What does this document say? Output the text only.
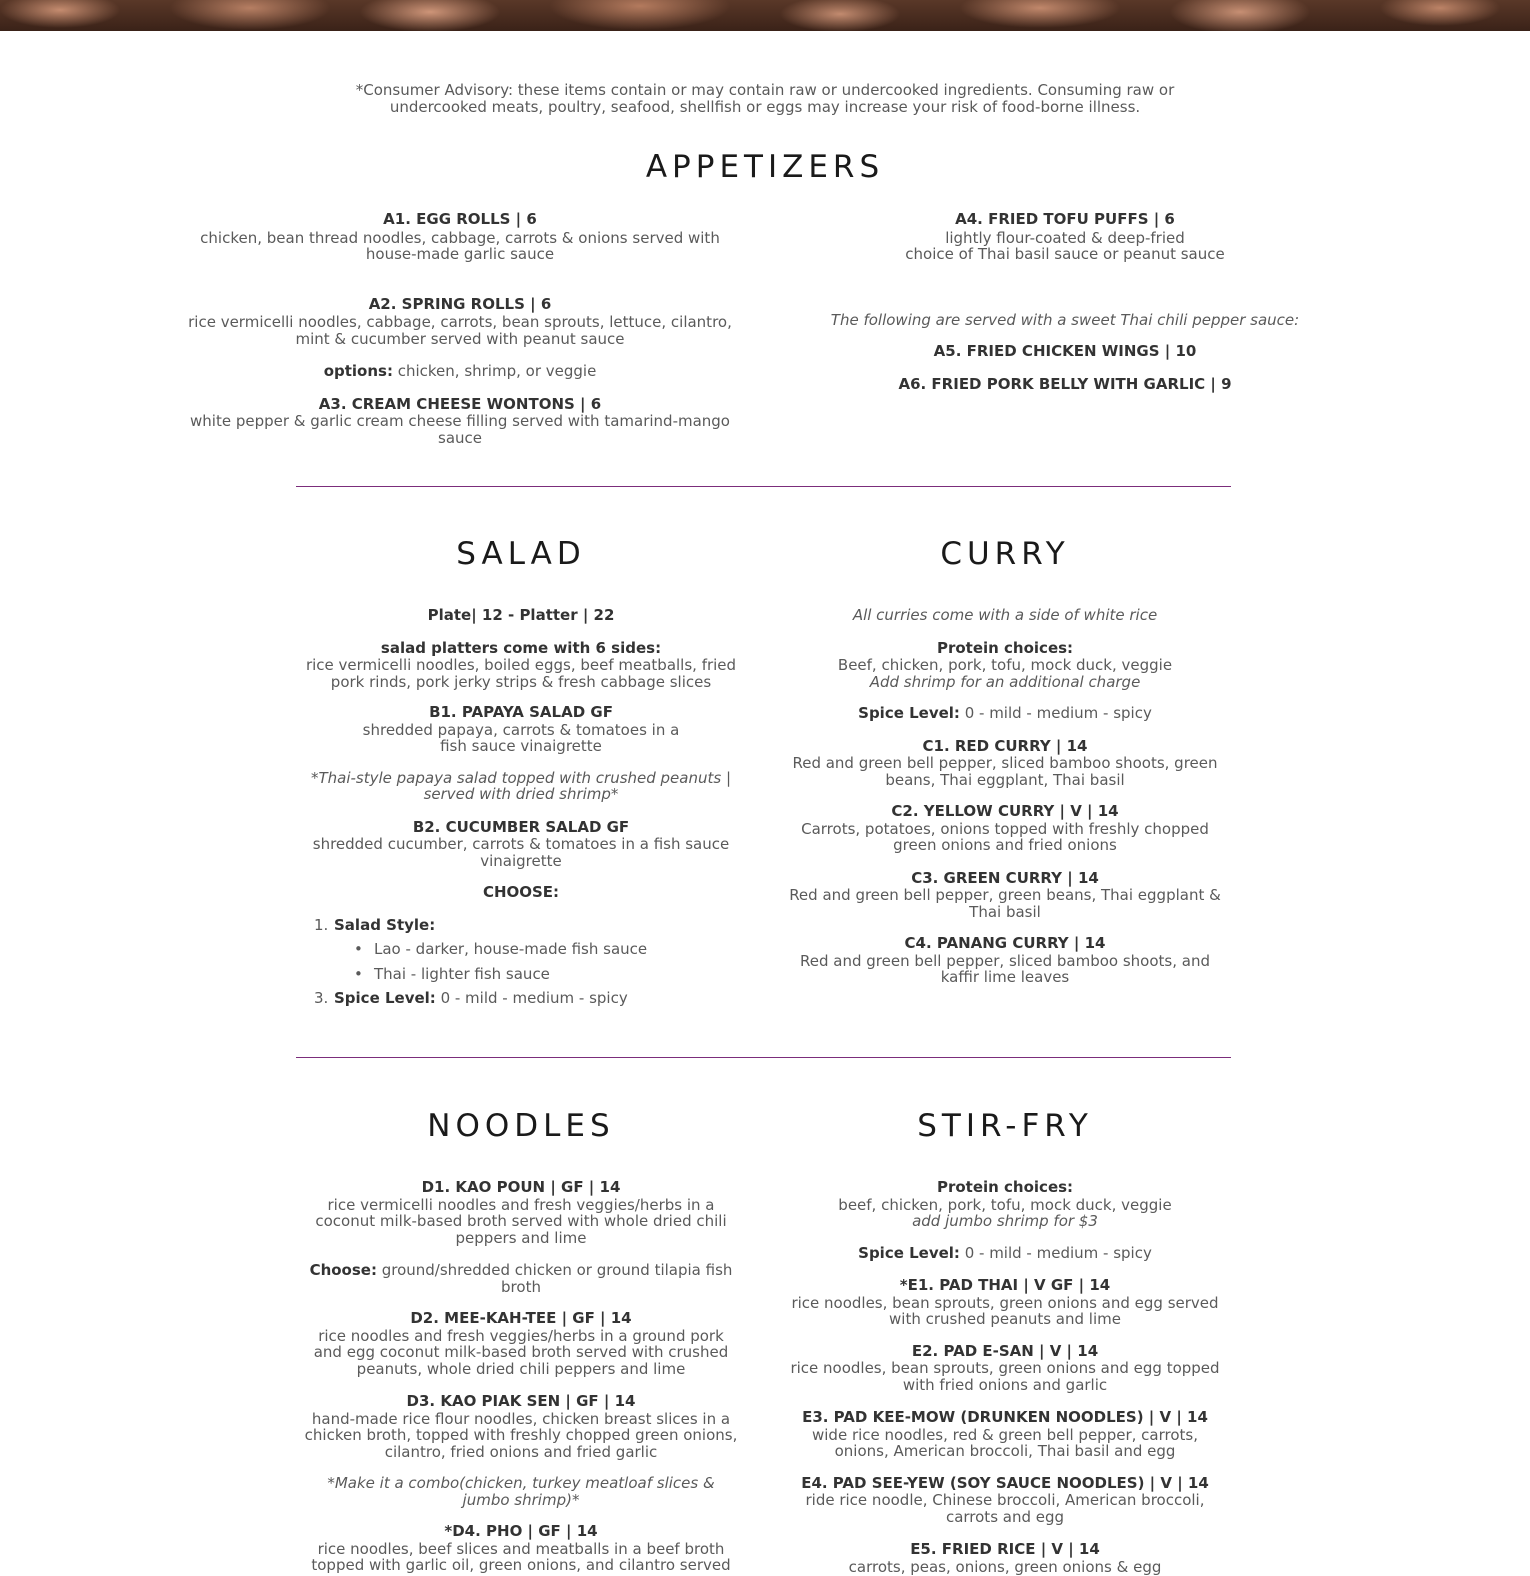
*Consumer Advisory: these items contain or may contain raw or undercooked ingredients. Consuming raw or
undercooked meats, poultry, seafood, shellfish or eggs may increase your risk of food-borne illness.
APPETIZERS

A1. EGG ROLLS | 6

chicken, bean thread noodles, cabbage, carrots & onions served with

house-made garlic sauce

A2. SPRING ROLLS | 6

rice vermicelli noodles, cabbage, carrots, bean sprouts, lettuce, cilantro,

mint & cucumber served with peanut sauce

options: chicken, shrimp, or veggie

A3. CREAM CHEESE WONTONS | 6

white pepper & garlic cream cheese filling served with tamarind-mango

sauce

A4. FRIED TOFU PUFFS | 6

lightly flour-coated & deep-fried

choice of Thai basil sauce or peanut sauce

The following are served with a sweet Thai chili pepper sauce:

A5. FRIED CHICKEN WINGS | 10

A6. FRIED PORK BELLY WITH GARLIC | 9

SALAD

Plate| 12 - Platter | 22

salad platters come with 6 sides:

rice vermicelli noodles, boiled eggs, beef meatballs, fried

pork rinds, pork jerky strips & fresh cabbage slices

B1. PAPAYA SALAD GF

shredded papaya, carrots & tomatoes in a

fish sauce vinaigrette

*Thai-style papaya salad topped with crushed peanuts |

served with dried shrimp*

B2. CUCUMBER SALAD GF

shredded cucumber, carrots & tomatoes in a fish sauce

vinaigrette

CHOOSE:

1. Salad Style:
• Lao - darker, house-made fish sauce
• Thai - lighter fish sauce
3. Spice Level: 0 - mild - medium - spicy
CURRY

All curries come with a side of white rice

Protein choices:

Beef, chicken, pork, tofu, mock duck, veggie

Add shrimp for an additional charge

Spice Level: 0 - mild - medium - spicy

C1. RED CURRY | 14

Red and green bell pepper, sliced bamboo shoots, green

beans, Thai eggplant, Thai basil

C2. YELLOW CURRY | V | 14

Carrots, potatoes, onions topped with freshly chopped

green onions and fried onions

C3. GREEN CURRY | 14

Red and green bell pepper, green beans, Thai eggplant &

Thai basil

C4. PANANG CURRY | 14

Red and green bell pepper, sliced bamboo shoots, and

kaffir lime leaves

NOODLES

D1. KAO POUN | GF | 14

rice vermicelli noodles and fresh veggies/herbs in a

coconut milk-based broth served with whole dried chili

peppers and lime

Choose: ground/shredded chicken or ground tilapia fish

broth

D2. MEE-KAH-TEE | GF | 14

rice noodles and fresh veggies/herbs in a ground pork

and egg coconut milk-based broth served with crushed

peanuts, whole dried chili peppers and lime

D3. KAO PIAK SEN | GF | 14

hand-made rice flour noodles, chicken breast slices in a

chicken broth, topped with freshly chopped green onions,

cilantro, fried onions and fried garlic

*Make it a combo(chicken, turkey meatloaf slices &

jumbo shrimp)*

*D4. PHO | GF | 14

rice noodles, beef slices and meatballs in a beef broth

topped with garlic oil, green onions, and cilantro served

STIR-FRY

Protein choices:

beef, chicken, pork, tofu, mock duck, veggie

add jumbo shrimp for $3

Spice Level: 0 - mild - medium - spicy

*E1. PAD THAI | V GF | 14

rice noodles, bean sprouts, green onions and egg served

with crushed peanuts and lime

E2. PAD E-SAN | V | 14

rice noodles, bean sprouts, green onions and egg topped

with fried onions and garlic

E3. PAD KEE-MOW (DRUNKEN NOODLES) | V | 14

wide rice noodles, red & green bell pepper, carrots,

onions, American broccoli, Thai basil and egg

E4. PAD SEE-YEW (SOY SAUCE NOODLES) | V | 14

ride rice noodle, Chinese broccoli, American broccoli,

carrots and egg

E5. FRIED RICE | V | 14

carrots, peas, onions, green onions & egg
